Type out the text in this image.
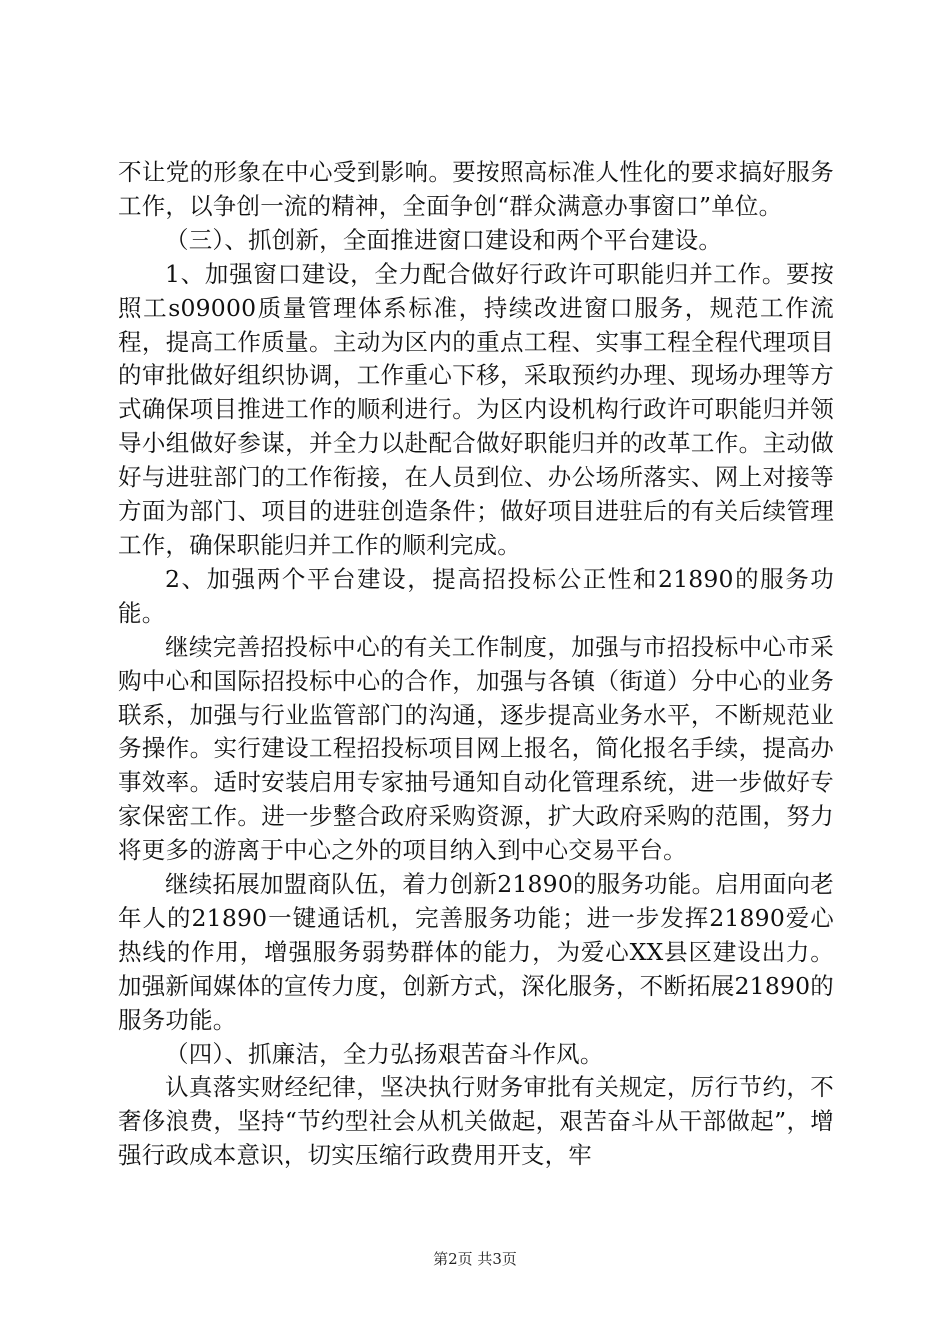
不让党的形象在中心受到影响。要按照高标准人性化的要求搞好服务工作，以争创一流的精神，全面争创“群众满意办事窗口”单位。

（三）、抓创新，全面推进窗口建设和两个平台建设。

1、加强窗口建设，全力配合做好行政许可职能归并工作。要按照工s09000质量管理体系标准，持续改进窗口服务，规范工作流程，提高工作质量。主动为区内的重点工程、实事工程全程代理项目的审批做好组织协调，工作重心下移，采取预约办理、现场办理等方式确保项目推进工作的顺利进行。为区内设机构行政许可职能归并领导小组做好参谋，并全力以赴配合做好职能归并的改革工作。主动做好与进驻部门的工作衔接，在人员到位、办公场所落实、网上对接等方面为部门、项目的进驻创造条件；做好项目进驻后的有关后续管理工作，确保职能归并工作的顺利完成。

2、加强两个平台建设，提高招投标公正性和21890的服务功能。

继续完善招投标中心的有关工作制度，加强与市招投标中心市采购中心和国际招投标中心的合作，加强与各镇（街道）分中心的业务联系，加强与行业监管部门的沟通，逐步提高业务水平，不断规范业务操作。实行建设工程招投标项目网上报名，简化报名手续，提高办事效率。适时安装启用专家抽号通知自动化管理系统，进一步做好专家保密工作。进一步整合政府采购资源，扩大政府采购的范围，努力将更多的游离于中心之外的项目纳入到中心交易平台。

继续拓展加盟商队伍，着力创新21890的服务功能。启用面向老年人的21890一键通话机，完善服务功能；进一步发挥21890爱心热线的作用，增强服务弱势群体的能力，为爱心XX县区建设出力。加强新闻媒体的宣传力度，创新方式，深化服务，不断拓展21890的服务功能。

（四）、抓廉洁，全力弘扬艰苦奋斗作风。

认真落实财经纪律，坚决执行财务审批有关规定，厉行节约，不奢侈浪费，坚持“节约型社会从机关做起，艰苦奋斗从干部做起”，增强行政成本意识，切实压缩行政费用开支，牢

第2页 共3页
